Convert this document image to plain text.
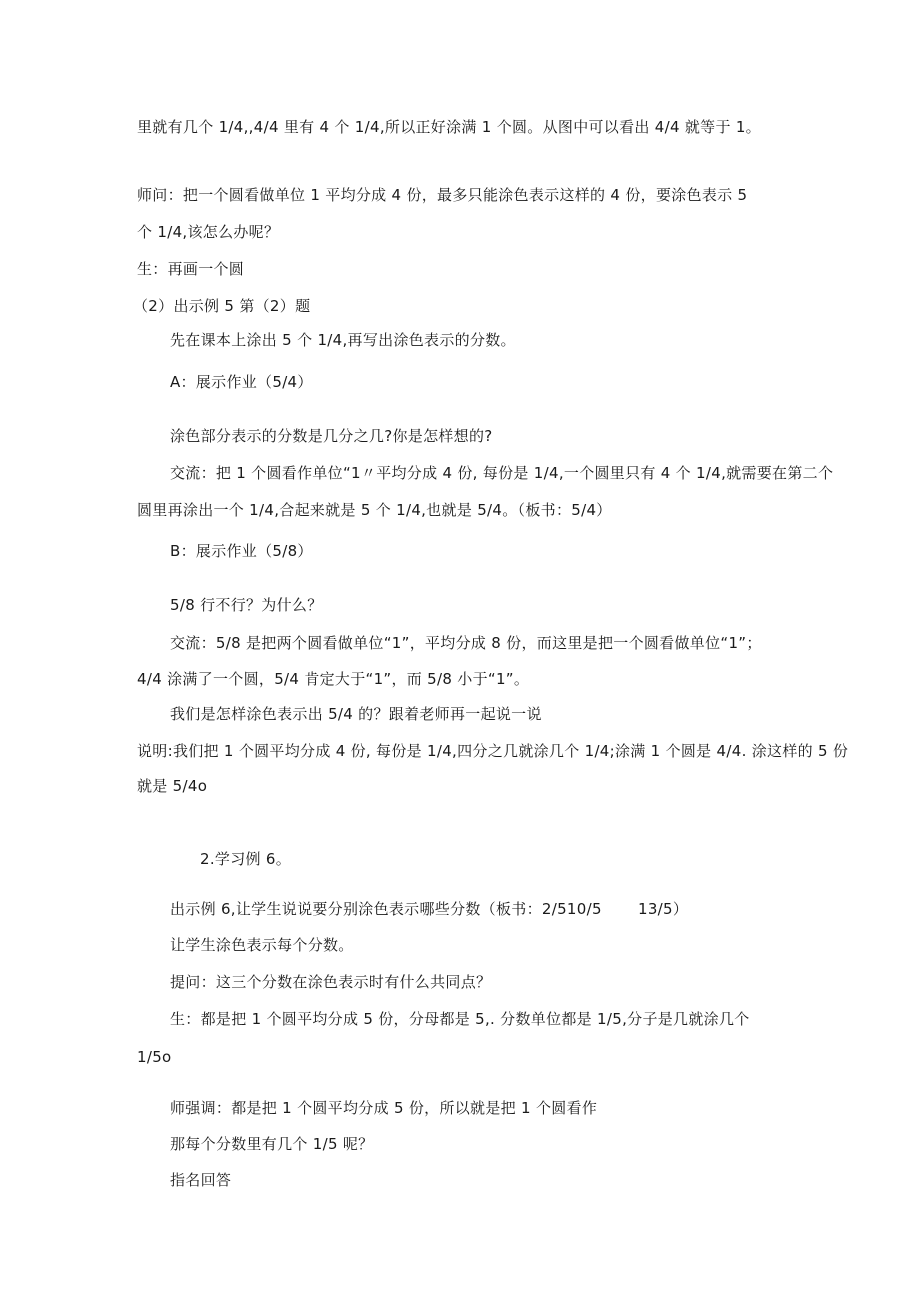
里就有几个 1/4,,4/4 里有 4 个 1/4,所以正好涂满 1 个圆。从图中可以看出 4/4 就等于 1。
师问：把一个圆看做单位 1 平均分成 4 份，最多只能涂色表示这样的 4 份，要涂色表示 5
个 1/4,该怎么办呢？
生：再画一个圆
（2）出示例 5 第（2）题
先在课本上涂出 5 个 1/4,再写出涂色表示的分数。
A：展示作业（5/4）
涂色部分表示的分数是几分之几?你是怎样想的?
交流：把 1 个圆看作单位“1〃平均分成 4 份, 每份是 1/4,一个圆里只有 4 个 1/4,就需要在第二个
圆里再涂出一个 1/4,合起来就是 5 个 1/4,也就是 5/4。（板书：5/4）
B：展示作业（5/8）
5/8 行不行？为什么？
交流：5/8 是把两个圆看做单位“1”，平均分成 8 份，而这里是把一个圆看做单位“1”；
4/4 涂满了一个圆，5/4 肯定大于“1”，而 5/8 小于“1”。
我们是怎样涂色表示出 5/4 的？跟着老师再一起说一说
说明:我们把 1 个圆平均分成 4 份, 每份是 1/4,四分之几就涂几个 1/4;涂满 1 个圆是 4/4. 涂这样的 5 份
就是 5/4o
2.学习例 6。
出示例 6,让学生说说要分别涂色表示哪些分数（板书：2/510/5 13/5）
让学生涂色表示每个分数。
提问：这三个分数在涂色表示时有什么共同点？
生：都是把 1 个圆平均分成 5 份，分母都是 5,. 分数单位都是 1/5,分子是几就涂几个
1/5o
师强调：都是把 1 个圆平均分成 5 份，所以就是把 1 个圆看作
那每个分数里有几个 1/5 呢？
指名回答
